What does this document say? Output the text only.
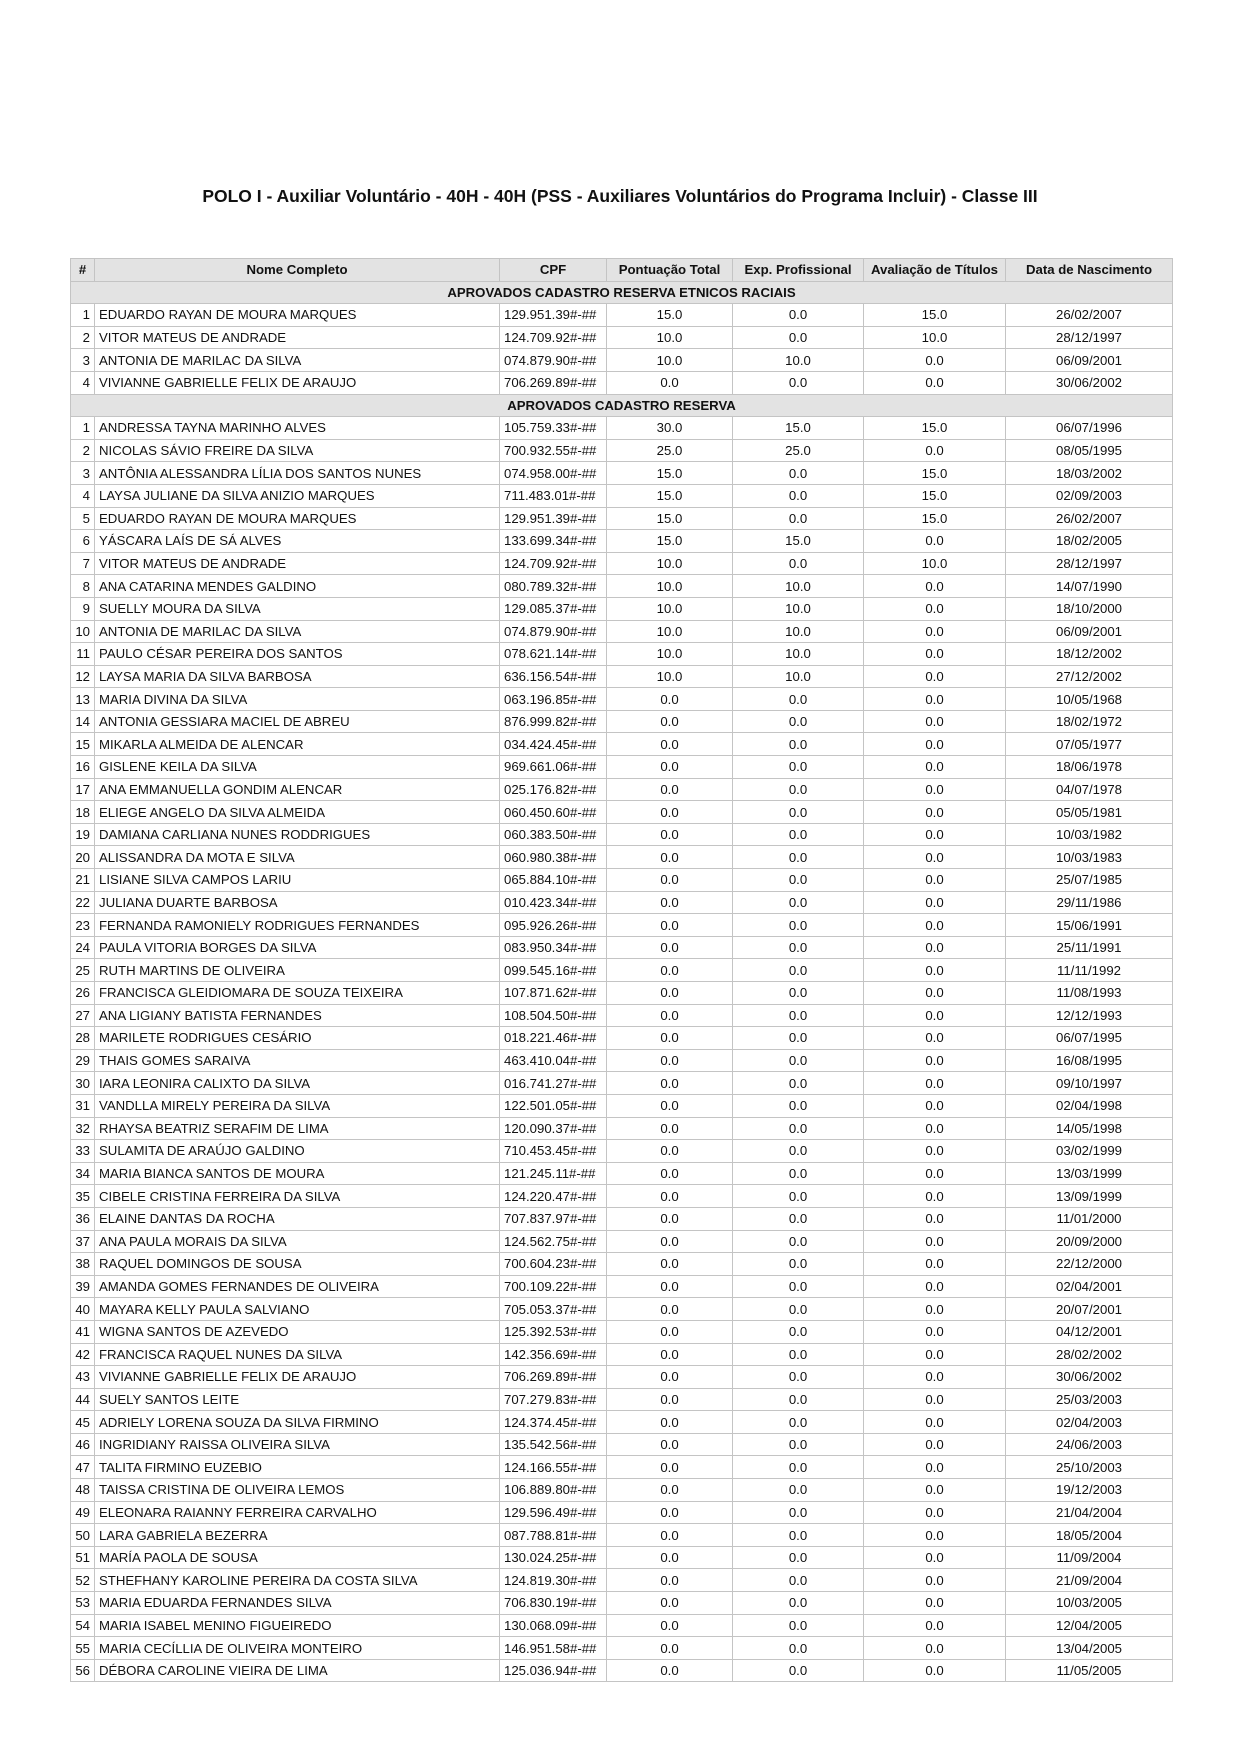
POLO I - Auxiliar Voluntário - 40H - 40H (PSS - Auxiliares Voluntários do Programa Incluir) - Classe III
#	Nome Completo	CPF	Pontuação Total	Exp. Profissional	Avaliação de Títulos	Data de Nascimento
APROVADOS CADASTRO RESERVA ETNICOS RACIAIS						
1	EDUARDO RAYAN DE MOURA MARQUES	129.951.39#-##	15.0	0.0	15.0	26/02/2007
2	VITOR MATEUS DE ANDRADE	124.709.92#-##	10.0	0.0	10.0	28/12/1997
3	ANTONIA DE MARILAC DA SILVA	074.879.90#-##	10.0	10.0	0.0	06/09/2001
4	VIVIANNE GABRIELLE FELIX DE ARAUJO	706.269.89#-##	0.0	0.0	0.0	30/06/2002
APROVADOS CADASTRO RESERVA						
1	ANDRESSA TAYNA MARINHO ALVES	105.759.33#-##	30.0	15.0	15.0	06/07/1996
2	NICOLAS SÁVIO FREIRE DA SILVA	700.932.55#-##	25.0	25.0	0.0	08/05/1995
3	ANTÔNIA ALESSANDRA LÍLIA DOS SANTOS NUNES	074.958.00#-##	15.0	0.0	15.0	18/03/2002
4	LAYSA JULIANE DA SILVA ANIZIO MARQUES	711.483.01#-##	15.0	0.0	15.0	02/09/2003
5	EDUARDO RAYAN DE MOURA MARQUES	129.951.39#-##	15.0	0.0	15.0	26/02/2007
6	YÁSCARA LAÍS DE SÁ ALVES	133.699.34#-##	15.0	15.0	0.0	18/02/2005
7	VITOR MATEUS DE ANDRADE	124.709.92#-##	10.0	0.0	10.0	28/12/1997
8	ANA CATARINA MENDES GALDINO	080.789.32#-##	10.0	10.0	0.0	14/07/1990
9	SUELLY MOURA DA SILVA	129.085.37#-##	10.0	10.0	0.0	18/10/2000
10	ANTONIA DE MARILAC DA SILVA	074.879.90#-##	10.0	10.0	0.0	06/09/2001
11	PAULO CÉSAR PEREIRA DOS SANTOS	078.621.14#-##	10.0	10.0	0.0	18/12/2002
12	LAYSA MARIA DA SILVA BARBOSA	636.156.54#-##	10.0	10.0	0.0	27/12/2002
13	MARIA DIVINA DA SILVA	063.196.85#-##	0.0	0.0	0.0	10/05/1968
14	ANTONIA GESSIARA MACIEL DE ABREU	876.999.82#-##	0.0	0.0	0.0	18/02/1972
15	MIKARLA ALMEIDA DE ALENCAR	034.424.45#-##	0.0	0.0	0.0	07/05/1977
16	GISLENE KEILA DA SILVA	969.661.06#-##	0.0	0.0	0.0	18/06/1978
17	ANA EMMANUELLA GONDIM ALENCAR	025.176.82#-##	0.0	0.0	0.0	04/07/1978
18	ELIEGE ANGELO DA SILVA ALMEIDA	060.450.60#-##	0.0	0.0	0.0	05/05/1981
19	DAMIANA CARLIANA NUNES RODDRIGUES	060.383.50#-##	0.0	0.0	0.0	10/03/1982
20	ALISSANDRA DA MOTA E SILVA	060.980.38#-##	0.0	0.0	0.0	10/03/1983
21	LISIANE SILVA CAMPOS LARIU	065.884.10#-##	0.0	0.0	0.0	25/07/1985
22	JULIANA DUARTE BARBOSA	010.423.34#-##	0.0	0.0	0.0	29/11/1986
23	FERNANDA RAMONIELY RODRIGUES FERNANDES	095.926.26#-##	0.0	0.0	0.0	15/06/1991
24	PAULA VITORIA BORGES DA SILVA	083.950.34#-##	0.0	0.0	0.0	25/11/1991
25	RUTH MARTINS DE OLIVEIRA	099.545.16#-##	0.0	0.0	0.0	11/11/1992
26	FRANCISCA GLEIDIOMARA DE SOUZA TEIXEIRA	107.871.62#-##	0.0	0.0	0.0	11/08/1993
27	ANA LIGIANY BATISTA FERNANDES	108.504.50#-##	0.0	0.0	0.0	12/12/1993
28	MARILETE RODRIGUES CESÁRIO	018.221.46#-##	0.0	0.0	0.0	06/07/1995
29	THAIS GOMES SARAIVA	463.410.04#-##	0.0	0.0	0.0	16/08/1995
30	IARA LEONIRA CALIXTO DA SILVA	016.741.27#-##	0.0	0.0	0.0	09/10/1997
31	VANDLLA MIRELY PEREIRA DA SILVA	122.501.05#-##	0.0	0.0	0.0	02/04/1998
32	RHAYSA BEATRIZ SERAFIM DE LIMA	120.090.37#-##	0.0	0.0	0.0	14/05/1998
33	SULAMITA DE ARAÚJO GALDINO	710.453.45#-##	0.0	0.0	0.0	03/02/1999
34	MARIA BIANCA SANTOS DE MOURA	121.245.11#-##	0.0	0.0	0.0	13/03/1999
35	CIBELE CRISTINA FERREIRA DA SILVA	124.220.47#-##	0.0	0.0	0.0	13/09/1999
36	ELAINE DANTAS DA ROCHA	707.837.97#-##	0.0	0.0	0.0	11/01/2000
37	ANA PAULA MORAIS DA SILVA	124.562.75#-##	0.0	0.0	0.0	20/09/2000
38	RAQUEL DOMINGOS DE SOUSA	700.604.23#-##	0.0	0.0	0.0	22/12/2000
39	AMANDA GOMES FERNANDES DE OLIVEIRA	700.109.22#-##	0.0	0.0	0.0	02/04/2001
40	MAYARA KELLY PAULA SALVIANO	705.053.37#-##	0.0	0.0	0.0	20/07/2001
41	WIGNA SANTOS DE AZEVEDO	125.392.53#-##	0.0	0.0	0.0	04/12/2001
42	FRANCISCA RAQUEL NUNES DA SILVA	142.356.69#-##	0.0	0.0	0.0	28/02/2002
43	VIVIANNE GABRIELLE FELIX DE ARAUJO	706.269.89#-##	0.0	0.0	0.0	30/06/2002
44	SUELY SANTOS LEITE	707.279.83#-##	0.0	0.0	0.0	25/03/2003
45	ADRIELY LORENA SOUZA DA SILVA FIRMINO	124.374.45#-##	0.0	0.0	0.0	02/04/2003
46	INGRIDIANY RAISSA OLIVEIRA SILVA	135.542.56#-##	0.0	0.0	0.0	24/06/2003
47	TALITA FIRMINO EUZEBIO	124.166.55#-##	0.0	0.0	0.0	25/10/2003
48	TAISSA CRISTINA DE OLIVEIRA LEMOS	106.889.80#-##	0.0	0.0	0.0	19/12/2003
49	ELEONARA RAIANNY FERREIRA CARVALHO	129.596.49#-##	0.0	0.0	0.0	21/04/2004
50	LARA GABRIELA BEZERRA	087.788.81#-##	0.0	0.0	0.0	18/05/2004
51	MARÍA PAOLA DE SOUSA	130.024.25#-##	0.0	0.0	0.0	11/09/2004
52	STHEFHANY KAROLINE PEREIRA DA COSTA SILVA	124.819.30#-##	0.0	0.0	0.0	21/09/2004
53	MARIA EDUARDA FERNANDES SILVA	706.830.19#-##	0.0	0.0	0.0	10/03/2005
54	MARIA ISABEL MENINO FIGUEIREDO	130.068.09#-##	0.0	0.0	0.0	12/04/2005
55	MARIA CECÍLLIA DE OLIVEIRA MONTEIRO	146.951.58#-##	0.0	0.0	0.0	13/04/2005
56	DÉBORA CAROLINE VIEIRA DE LIMA	125.036.94#-##	0.0	0.0	0.0	11/05/2005
